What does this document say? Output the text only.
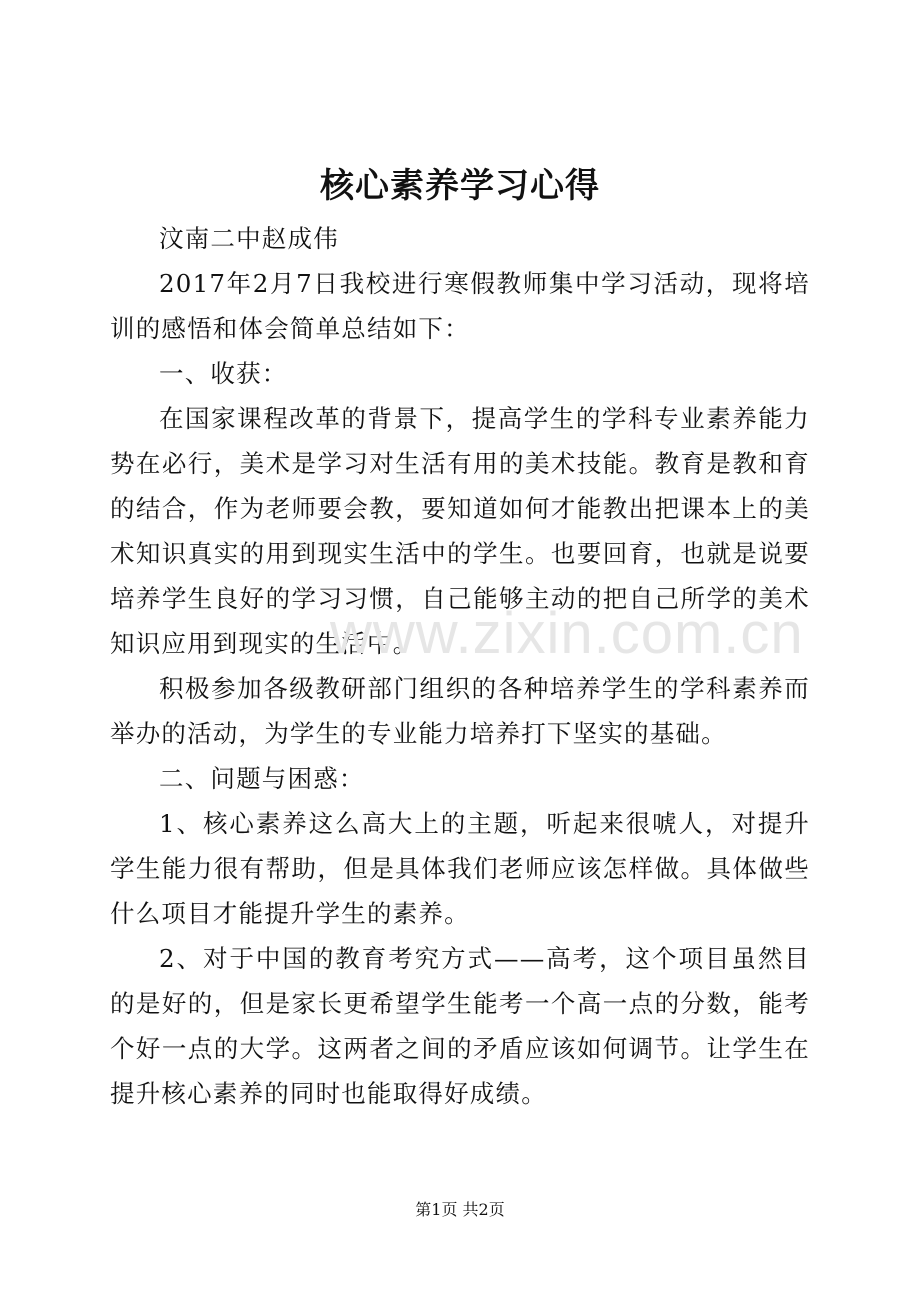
核心素养学习心得

汶南二中赵成伟

2017年2月7日我校进行寒假教师集中学习活动，现将培训的感悟和体会简单总结如下：

一、收获：

在国家课程改革的背景下，提高学生的学科专业素养能力势在必行，美术是学习对生活有用的美术技能。教育是教和育的结合，作为老师要会教，要知道如何才能教出把课本上的美术知识真实的用到现实生活中的学生。也要回育，也就是说要培养学生良好的学习习惯，自己能够主动的把自己所学的美术知识应用到现实的生活中。

积极参加各级教研部门组织的各种培养学生的学科素养而举办的活动，为学生的专业能力培养打下坚实的基础。

二、问题与困惑：

1、核心素养这么高大上的主题，听起来很唬人，对提升学生能力很有帮助，但是具体我们老师应该怎样做。具体做些什么项目才能提升学生的素养。

2、对于中国的教育考究方式——高考，这个项目虽然目的是好的，但是家长更希望学生能考一个高一点的分数，能考个好一点的大学。这两者之间的矛盾应该如何调节。让学生在提升核心素养的同时也能取得好成绩。

www.zixin.com.cn
第1页 共2页
